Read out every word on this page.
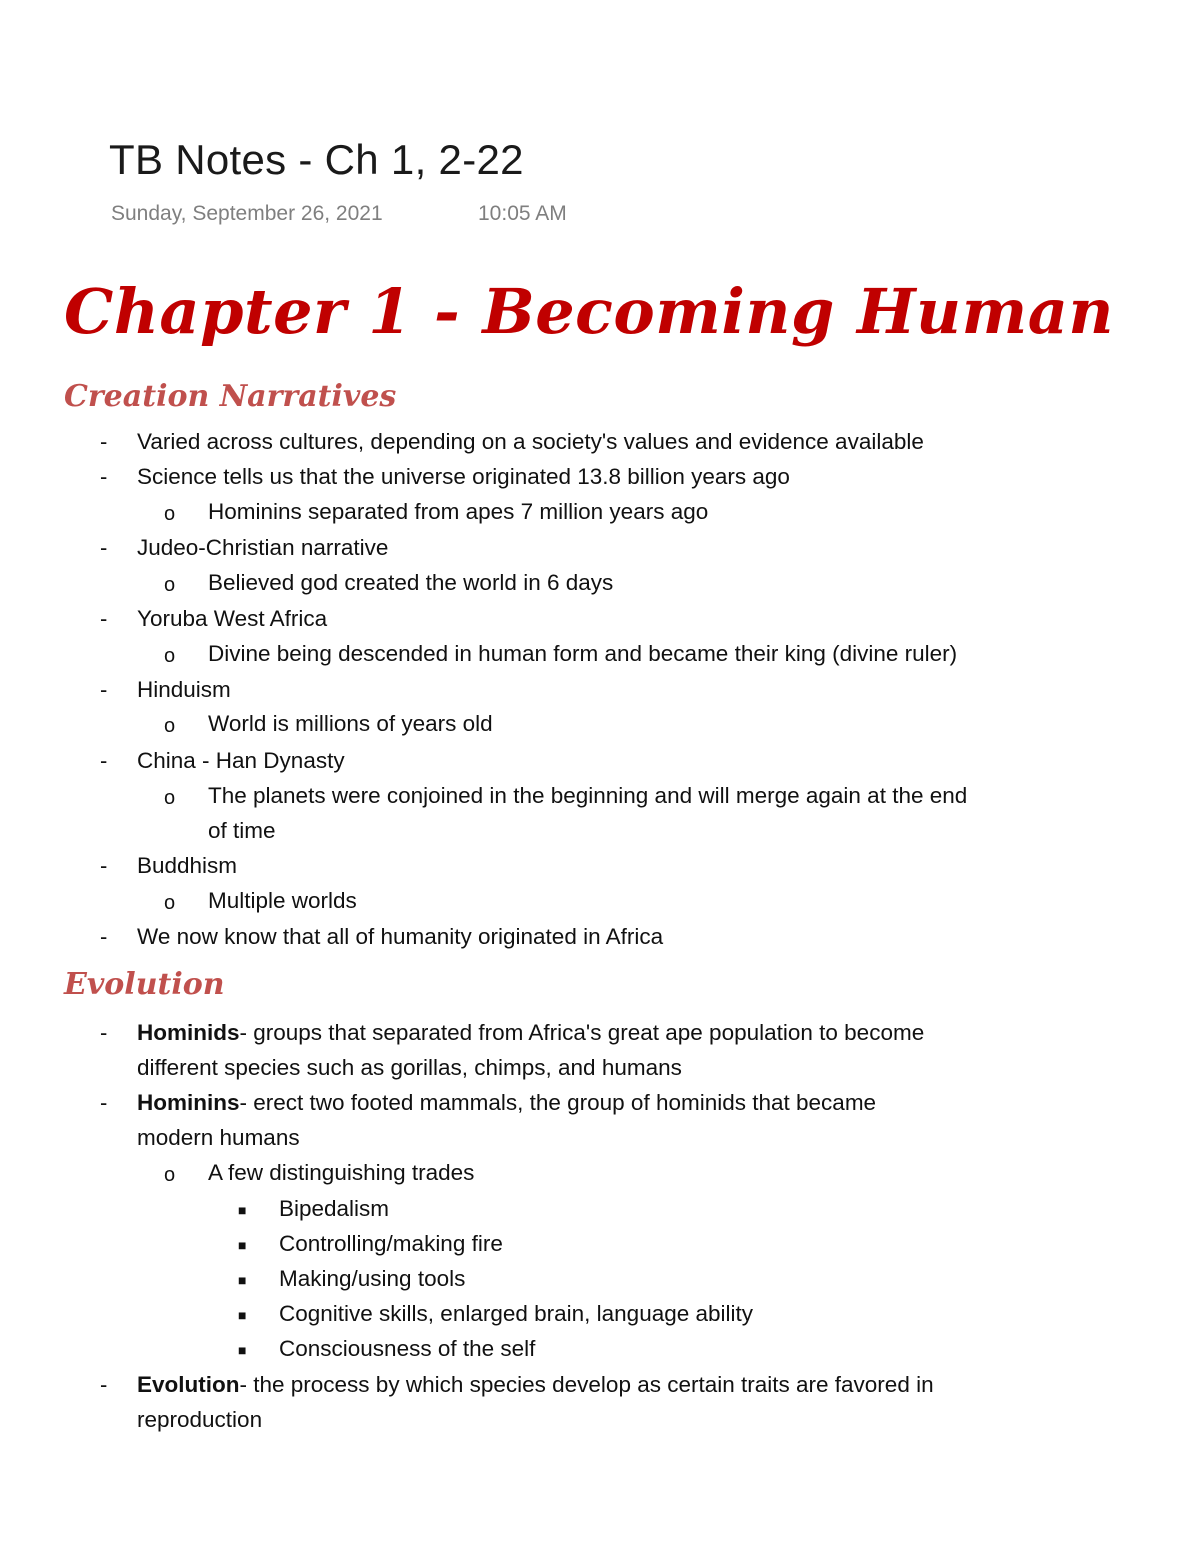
TB Notes - Ch 1, 2-22
Sunday, September 26, 2021	10:05 AM
Chapter 1 - Becoming Human
Creation Narratives
- Varied across cultures, depending on a society's values and evidence available
- Science tells us that the universe originated 13.8 billion years ago
o Hominins separated from apes 7 million years ago
- Judeo-Christian narrative
o Believed god created the world in 6 days
- Yoruba West Africa
o Divine being descended in human form and became their king (divine ruler)
- Hinduism
o World is millions of years old
- China - Han Dynasty
o The planets were conjoined in the beginning and will merge again at the end
of time
- Buddhism
o Multiple worlds
- We now know that all of humanity originated in Africa
Evolution
- Hominids- groups that separated from Africa's great ape population to become
different species such as gorillas, chimps, and humans
- Hominins- erect two footed mammals, the group of hominids that became
modern humans
o A few distinguishing trades
■ Bipedalism
■ Controlling/making fire
■ Making/using tools
■ Cognitive skills, enlarged brain, language ability
■ Consciousness of the self
- Evolution- the process by which species develop as certain traits are favored in
reproduction
